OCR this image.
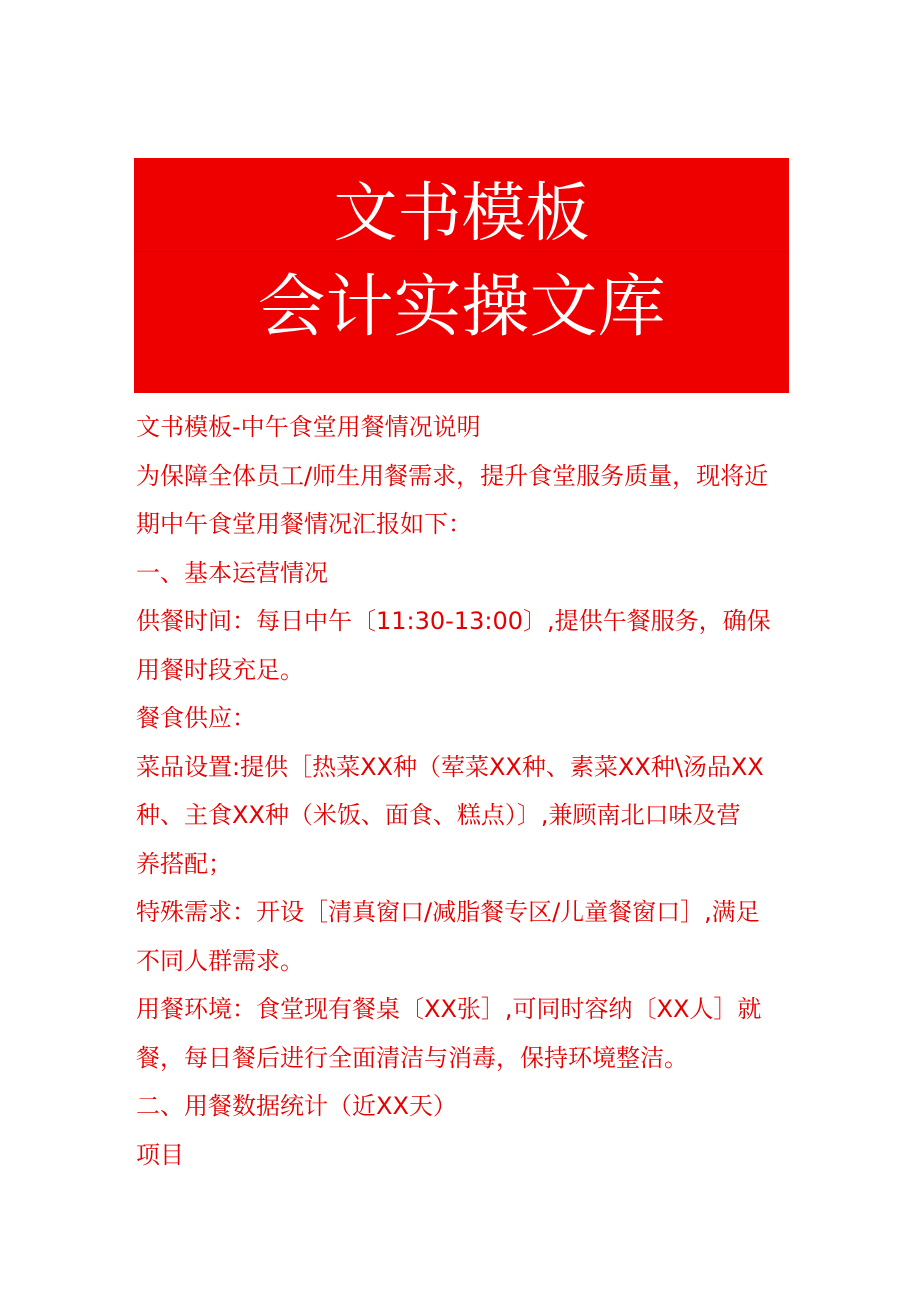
文书模板
会计实操文库
文书模板-中午食堂用餐情况说明
为保障全体员工/师生用餐需求，提升食堂服务质量，现将近
期中午食堂用餐情况汇报如下：
一、基本运营情况
供餐时间：每日中午〔11:30-13:00〕,提供午餐服务，确保
用餐时段充足。
餐食供应：
菜品设置:提供［热菜XX种（荤菜XX种、素菜XX种\汤品XX
种、主食XX种（米饭、面食、糕点）〕,兼顾南北口味及营
养搭配；
特殊需求：开设［清真窗口/减脂餐专区/儿童餐窗口］,满足
不同人群需求。
用餐环境：食堂现有餐桌〔XX张］,可同时容纳〔XX人］就
餐，每日餐后进行全面清洁与消毒，保持环境整洁。
二、用餐数据统计（近XX天）
项目
